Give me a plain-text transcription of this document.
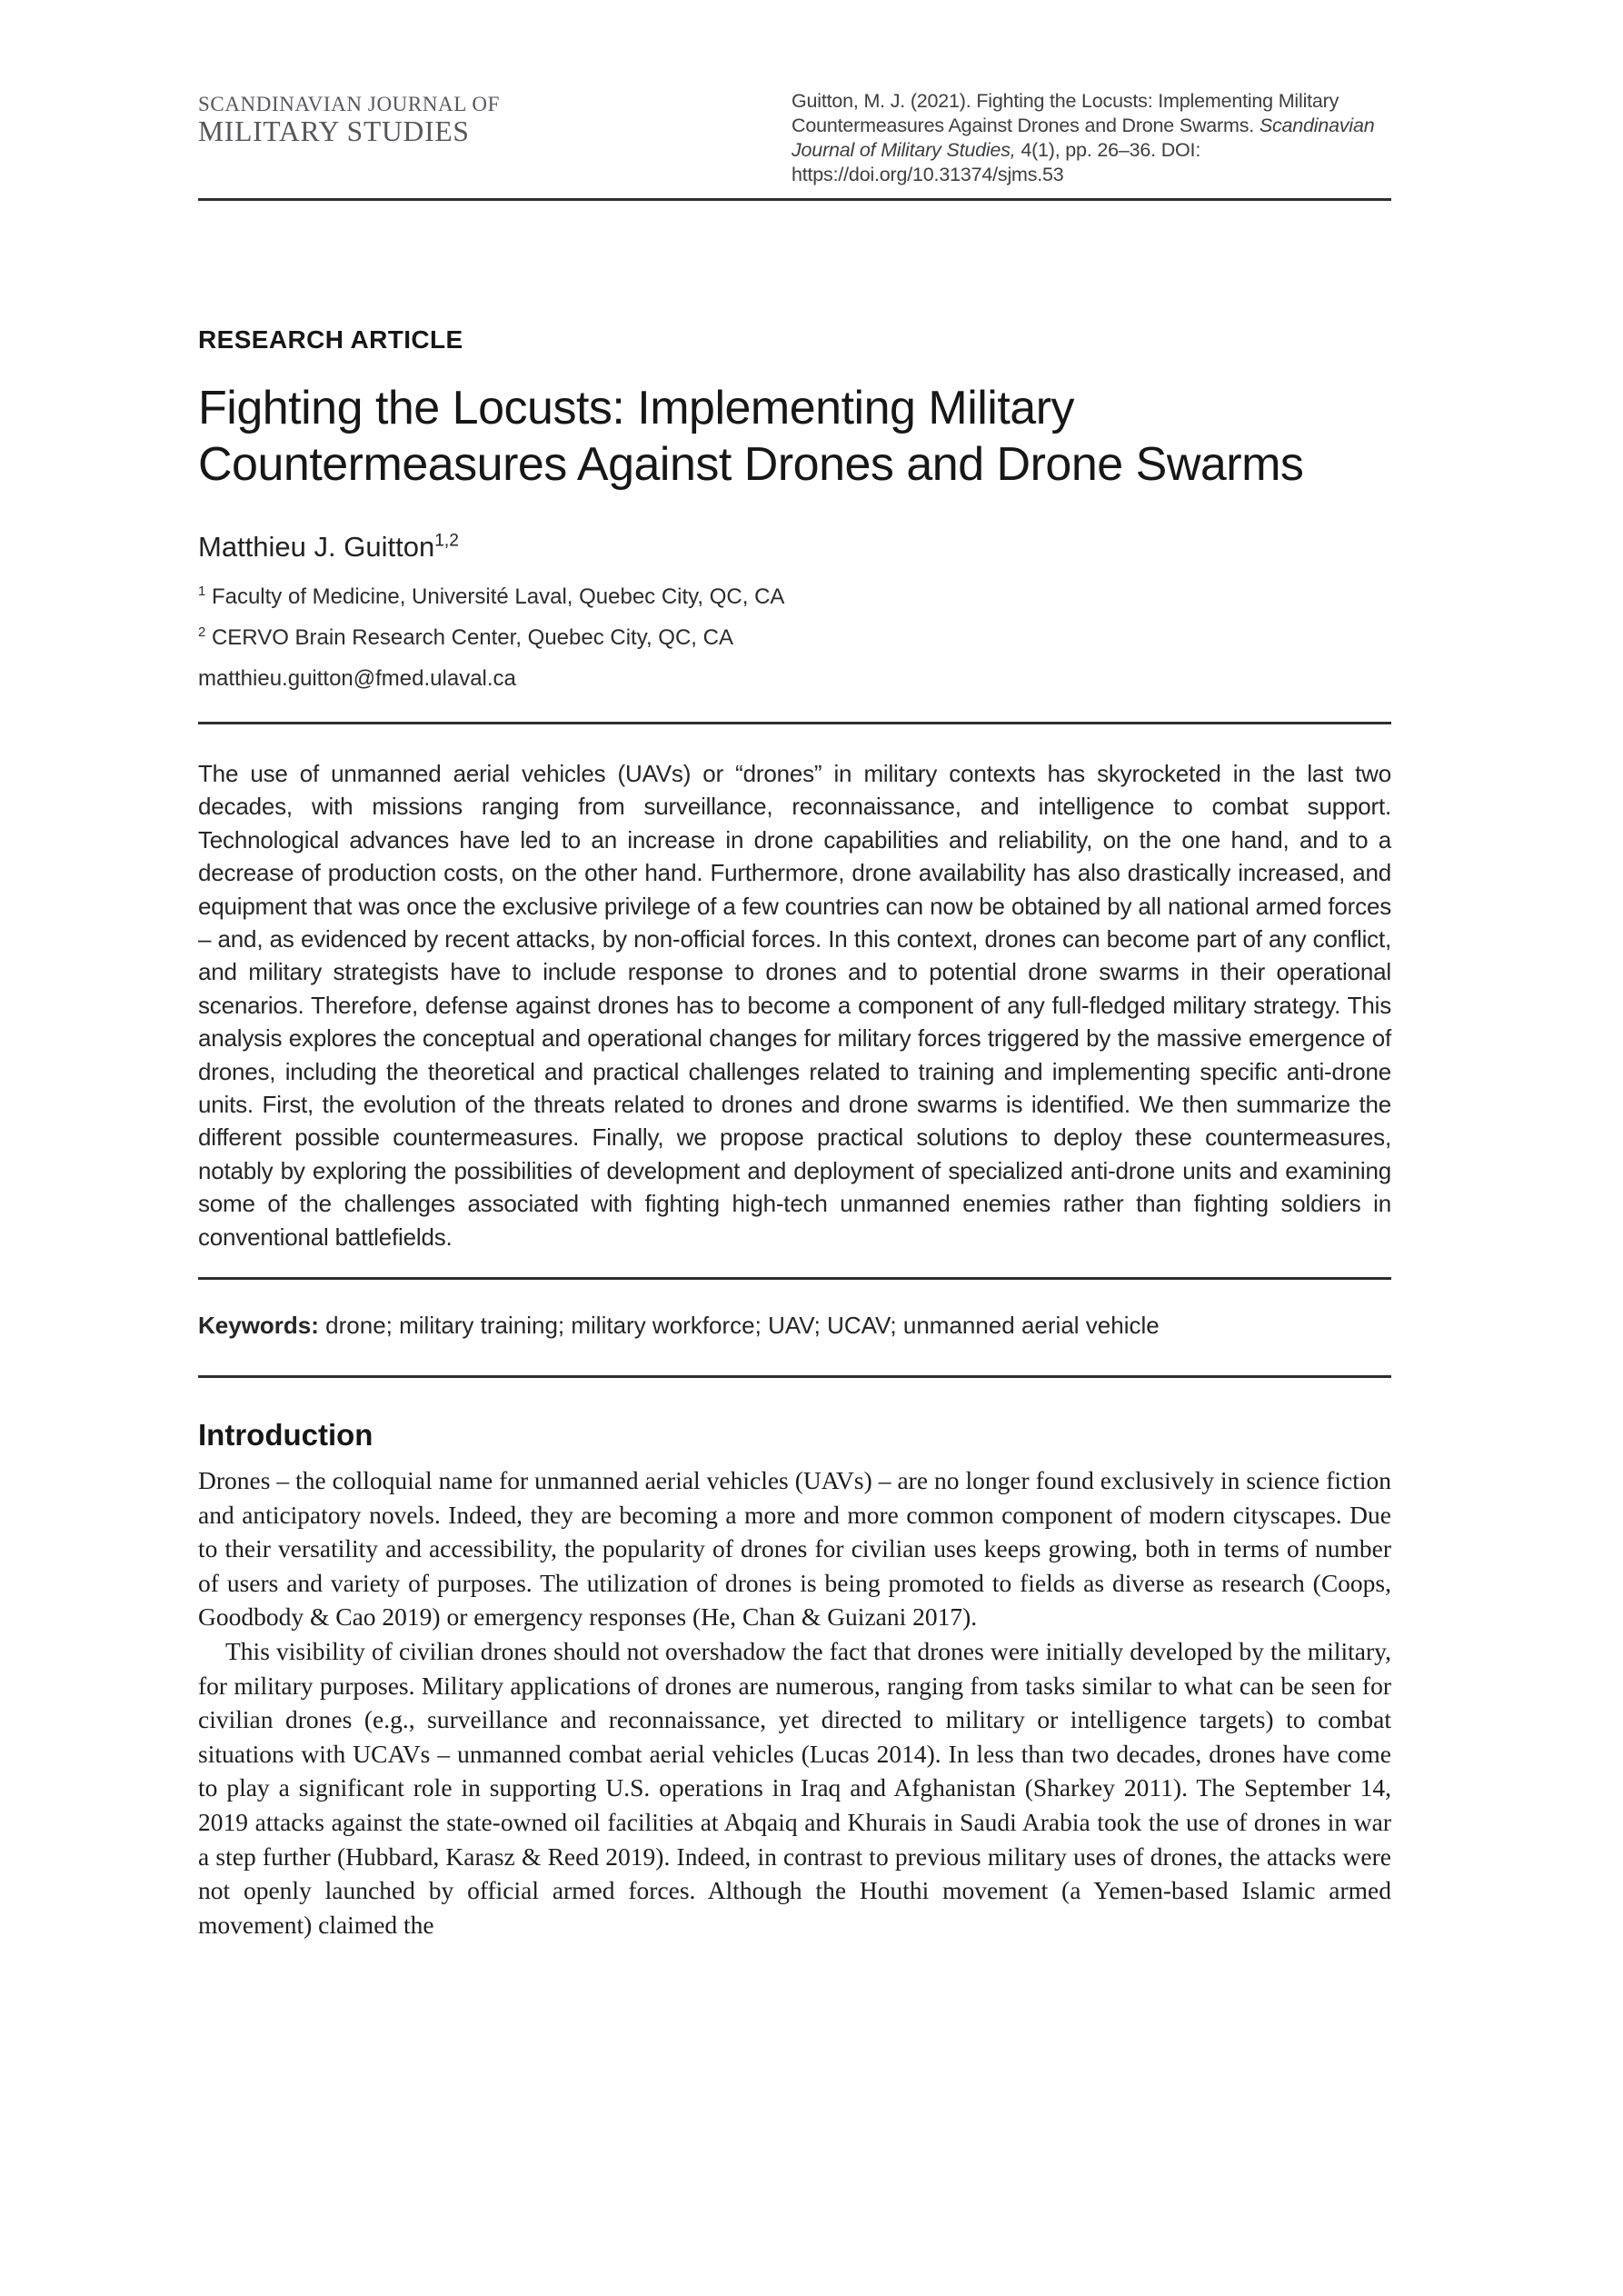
SCANDINAVIAN JOURNAL OF
MILITARY STUDIES
Guitton, M. J. (2021). Fighting the Locusts: Implementing Military Countermeasures Against Drones and Drone Swarms. Scandinavian Journal of Military Studies, 4(1), pp. 26–36. DOI: https://doi.org/10.31374/sjms.53
RESEARCH ARTICLE
Fighting the Locusts: Implementing Military Countermeasures Against Drones and Drone Swarms
Matthieu J. Guitton$^{1,2}$
$^1$ Faculty of Medicine, Université Laval, Quebec City, QC, CA
$^2$ CERVO Brain Research Center, Quebec City, QC, CA
matthieu.guitton@fmed.ulaval.ca

The use of unmanned aerial vehicles (UAVs) or “drones” in military contexts has skyrocketed in the last two decades, with missions ranging from surveillance, reconnaissance, and intelligence to combat support. Technological advances have led to an increase in drone capabilities and reliability, on the one hand, and to a decrease of production costs, on the other hand. Furthermore, drone availability has also drastically increased, and equipment that was once the exclusive privilege of a few countries can now be obtained by all national armed forces – and, as evidenced by recent attacks, by non-official forces. In this context, drones can become part of any conflict, and military strategists have to include response to drones and to potential drone swarms in their operational scenarios. Therefore, defense against drones has to become a component of any full-fledged military strategy. This analysis explores the conceptual and operational changes for military forces triggered by the massive emergence of drones, including the theoretical and practical challenges related to training and implementing specific anti-drone units. First, the evolution of the threats related to drones and drone swarms is identified. We then summarize the different possible countermeasures. Finally, we propose practical solutions to deploy these countermeasures, notably by exploring the possibilities of development and deployment of specialized anti-drone units and examining some of the challenges associated with fighting high-tech unmanned enemies rather than fighting soldiers in conventional battlefields.

Keywords: drone; military training; military workforce; UAV; UCAV; unmanned aerial vehicle
Introduction

Drones – the colloquial name for unmanned aerial vehicles (UAVs) – are no longer found exclusively in science fiction and anticipatory novels. Indeed, they are becoming a more and more common component of modern cityscapes. Due to their versatility and accessibility, the popularity of drones for civilian uses keeps growing, both in terms of number of users and variety of purposes. The utilization of drones is being promoted to fields as diverse as research (Coops, Goodbody & Cao 2019) or emergency responses (He, Chan & Guizani 2017).

This visibility of civilian drones should not overshadow the fact that drones were initially developed by the military, for military purposes. Military applications of drones are numerous, ranging from tasks similar to what can be seen for civilian drones (e.g., surveillance and reconnaissance, yet directed to military or intelligence targets) to combat situations with UCAVs – unmanned combat aerial vehicles (Lucas 2014). In less than two decades, drones have come to play a significant role in supporting U.S. operations in Iraq and Afghanistan (Sharkey 2011). The September 14, 2019 attacks against the state-owned oil facilities at Abqaiq and Khurais in Saudi Arabia took the use of drones in war a step further (Hubbard, Karasz & Reed 2019). Indeed, in contrast to previous military uses of drones, the attacks were not openly launched by official armed forces. Although the Houthi movement (a Yemen-based Islamic armed movement) claimed the
